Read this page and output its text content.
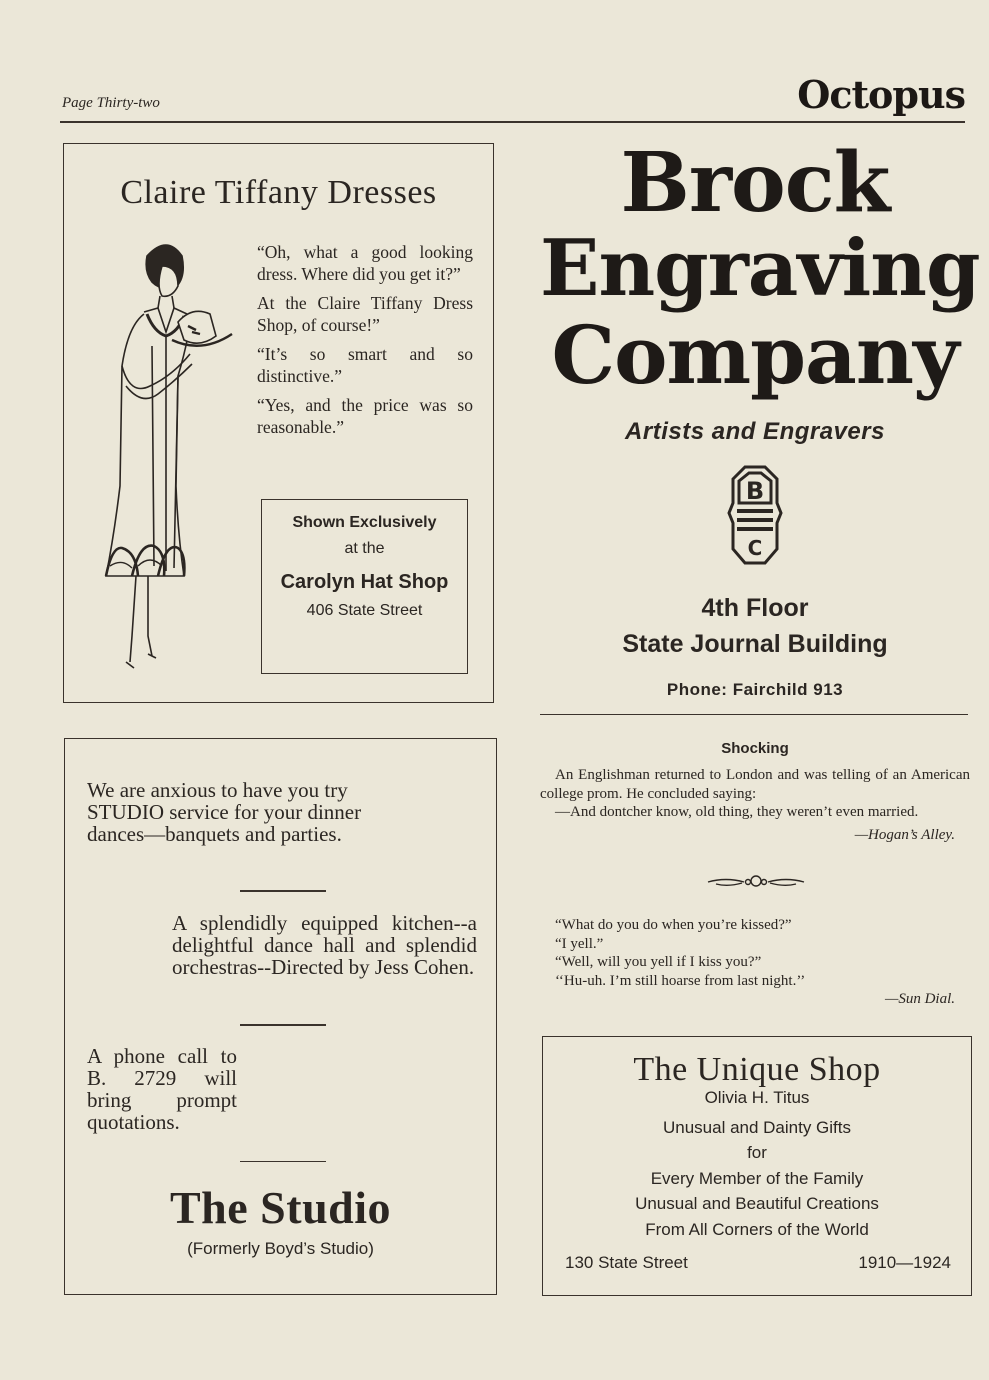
Page Thirty-two	Octopus
Claire Tiffany Dresses

“Oh, what a good looking dress. Where did you get it?”

At the Claire Tiffany Dress Shop, of course!”

“It’s so smart and so distinctive.”

“Yes, and the price was so reasonable.”

Shown Exclusively
at the
Carolyn Hat Shop
406 State Street
Brock
Engraving
Company
Artists and Engravers
B
C
4th Floor
State Journal Building
Phone: Fairchild 913
Shocking

An Englishman returned to London and was telling of an American college prom. He concluded saying:

—And dontcher know, old thing, they weren’t even married.

—Hogan’s Alley.

“What do you do when you’re kissed?”

“I yell.”

“Well, will you yell if I kiss you?”

‘‘Hu-uh. I’m still hoarse from last night.’’

—Sun Dial.

We are anxious to have you try STUDIO service for your dinner dances—banquets and parties.
A splendidly equipped kitchen--a delightful dance hall and splendid orchestras--Directed by Jess Cohen.
A phone call to B. 2729 will bring prompt quotations.
The Studio
(Formerly Boyd’s Studio)
The Unique Shop
Olivia H. Titus
Unusual and Dainty Gifts
for
Every Member of the Family
Unusual and Beautiful Creations
From All Corners of the World
130 State Street	1910—1924
